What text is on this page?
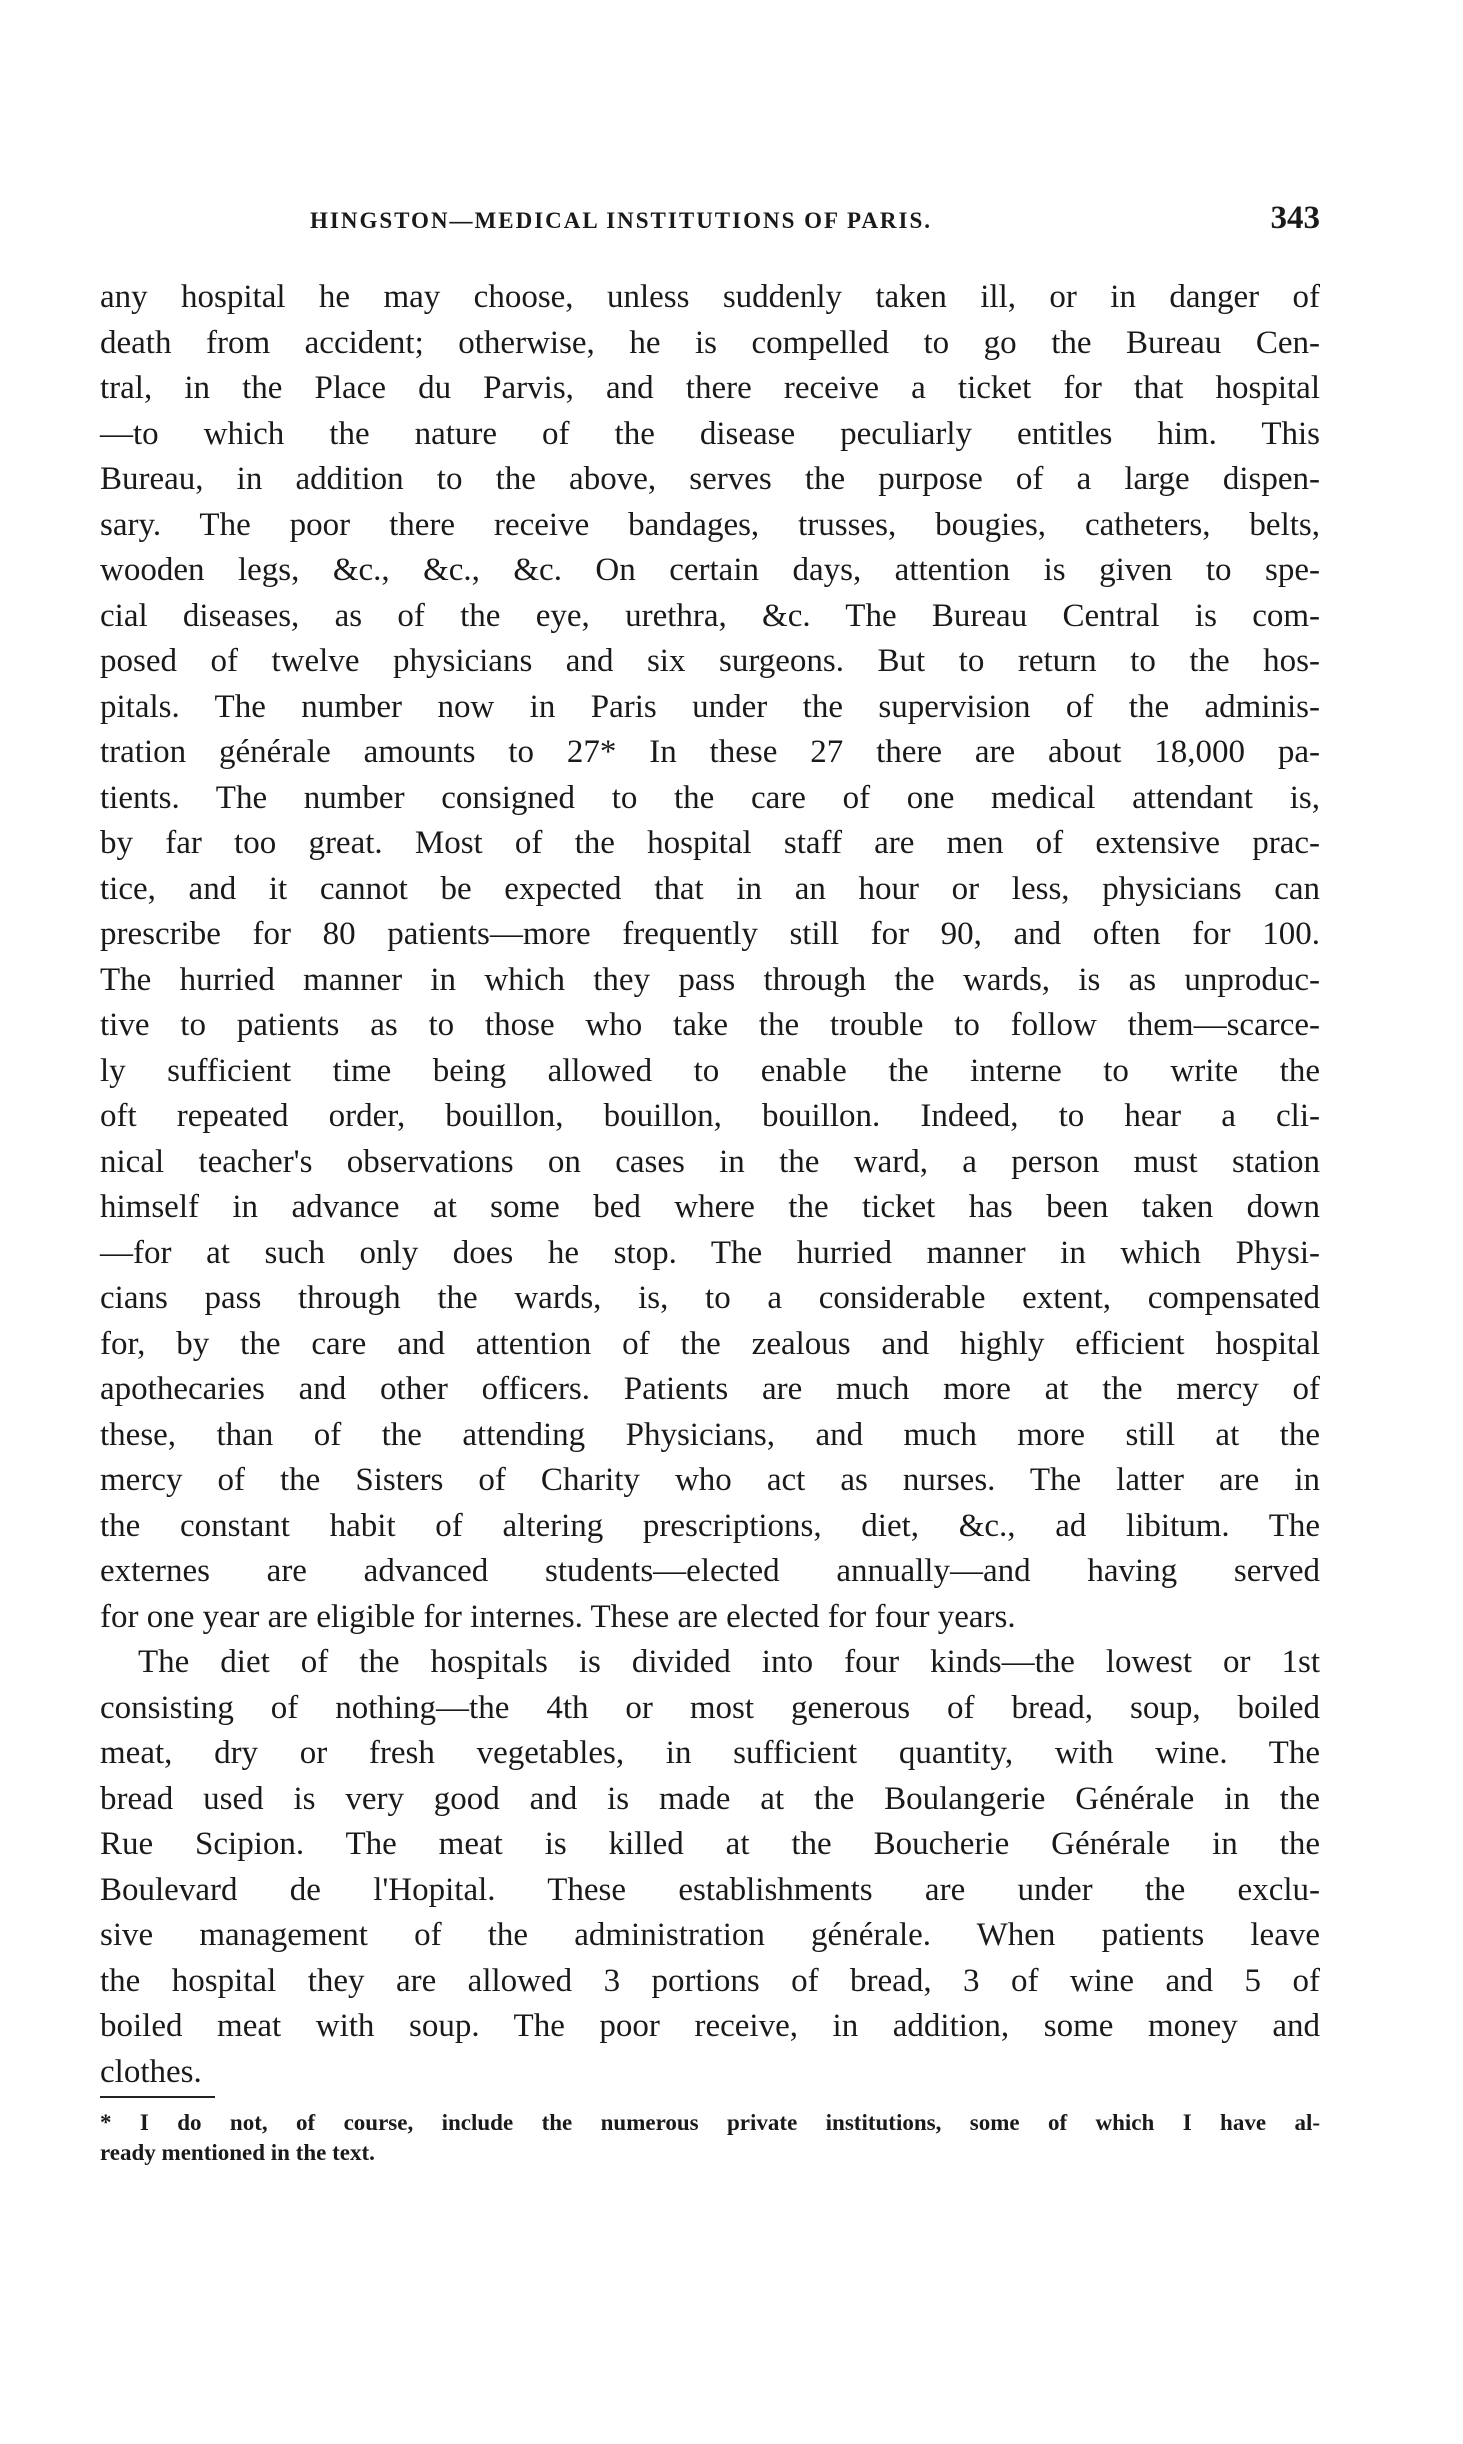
HINGSTON—MEDICAL INSTITUTIONS OF PARIS.	343
any hospital he may choose, unless suddenly taken ill, or in danger of
death from accident; otherwise, he is compelled to go the Bureau Cen-
tral, in the Place du Parvis, and there receive a ticket for that hospital
—to which the nature of the disease peculiarly entitles him. This
Bureau, in addition to the above, serves the purpose of a large dispen-
sary. The poor there receive bandages, trusses, bougies, catheters, belts,
wooden legs, &c., &c., &c. On certain days, attention is given to spe-
cial diseases, as of the eye, urethra, &c. The Bureau Central is com-
posed of twelve physicians and six surgeons. But to return to the hos-
pitals. The number now in Paris under the supervision of the adminis-
tration générale amounts to 27* In these 27 there are about 18,000 pa-
tients. The number consigned to the care of one medical attendant is,
by far too great. Most of the hospital staff are men of extensive prac-
tice, and it cannot be expected that in an hour or less, physicians can
prescribe for 80 patients—more frequently still for 90, and often for 100.
The hurried manner in which they pass through the wards, is as unproduc-
tive to patients as to those who take the trouble to follow them—scarce-
ly sufficient time being allowed to enable the interne to write the
oft repeated order, bouillon, bouillon, bouillon. Indeed, to hear a cli-
nical teacher's observations on cases in the ward, a person must station
himself in advance at some bed where the ticket has been taken down
—for at such only does he stop. The hurried manner in which Physi-
cians pass through the wards, is, to a considerable extent, compensated
for, by the care and attention of the zealous and highly efficient hospital
apothecaries and other officers. Patients are much more at the mercy of
these, than of the attending Physicians, and much more still at the
mercy of the Sisters of Charity who act as nurses. The latter are in
the constant habit of altering prescriptions, diet, &c., ad libitum. The
externes are advanced students—elected annually—and having served
for one year are eligible for internes. These are elected for four years.
The diet of the hospitals is divided into four kinds—the lowest or 1st
consisting of nothing—the 4th or most generous of bread, soup, boiled
meat, dry or fresh vegetables, in sufficient quantity, with wine. The
bread used is very good and is made at the Boulangerie Générale in the
Rue Scipion. The meat is killed at the Boucherie Générale in the
Boulevard de l'Hopital. These establishments are under the exclu-
sive management of the administration générale. When patients leave
the hospital they are allowed 3 portions of bread, 3 of wine and 5 of
boiled meat with soup. The poor receive, in addition, some money and
clothes.
* I do not, of course, include the numerous private institutions, some of which I have al-
ready mentioned in the text.
